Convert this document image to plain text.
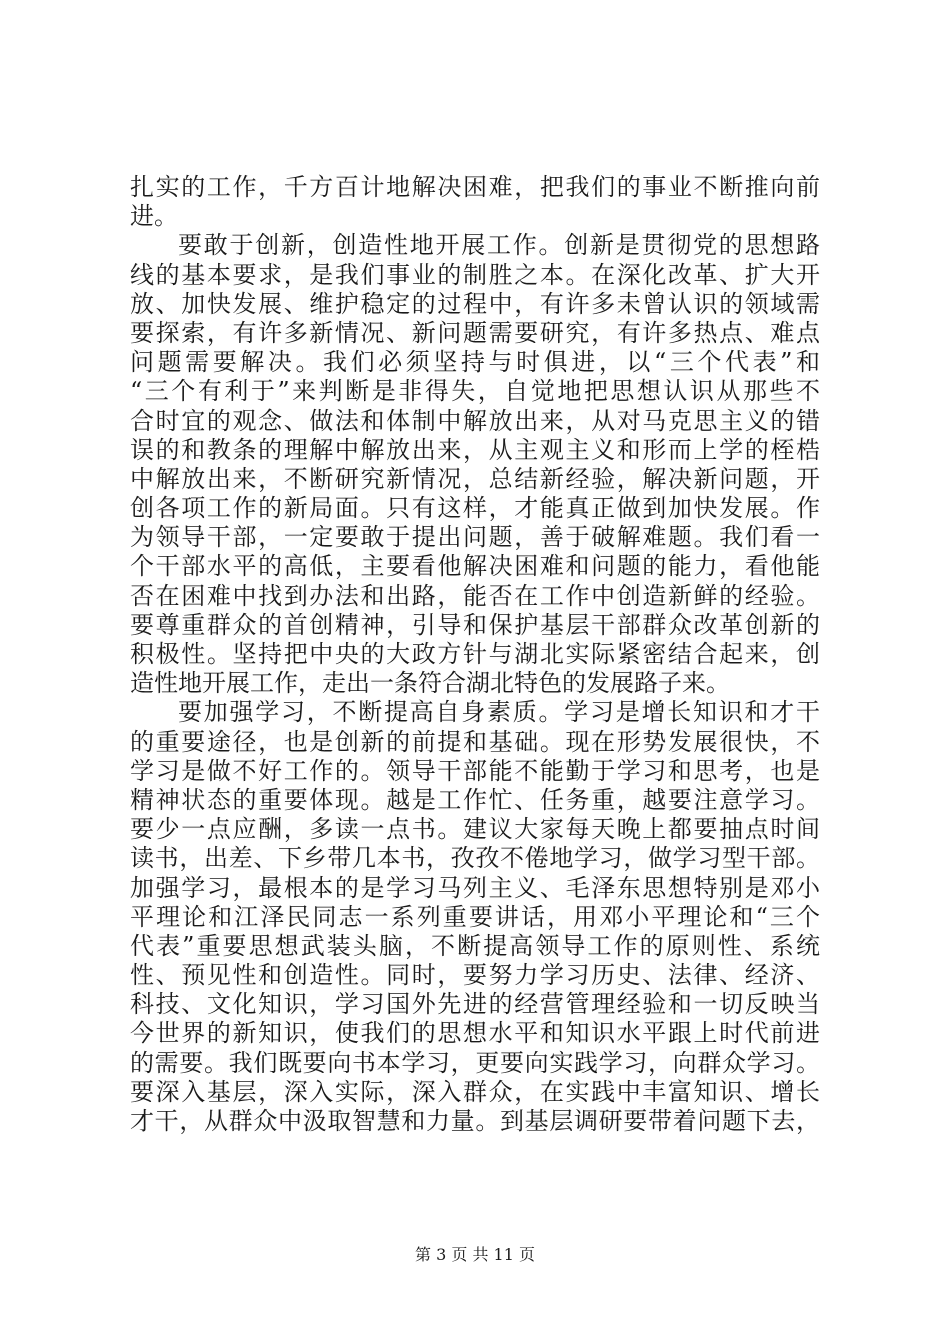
扎实的工作，千方百计地解决困难，把我们的事业不断推向前
进。
要敢于创新，创造性地开展工作。创新是贯彻党的思想路
线的基本要求，是我们事业的制胜之本。在深化改革、扩大开
放、加快发展、维护稳定的过程中，有许多未曾认识的领域需
要探索，有许多新情况、新问题需要研究，有许多热点、难点
问题需要解决。我们必须坚持与时俱进，以“三个代表”和
“三个有利于”来判断是非得失，自觉地把思想认识从那些不
合时宜的观念、做法和体制中解放出来，从对马克思主义的错
误的和教条的理解中解放出来，从主观主义和形而上学的桎梏
中解放出来，不断研究新情况，总结新经验，解决新问题，开
创各项工作的新局面。只有这样，才能真正做到加快发展。作
为领导干部，一定要敢于提出问题，善于破解难题。我们看一
个干部水平的高低，主要看他解决困难和问题的能力，看他能
否在困难中找到办法和出路，能否在工作中创造新鲜的经验。
要尊重群众的首创精神，引导和保护基层干部群众改革创新的
积极性。坚持把中央的大政方针与湖北实际紧密结合起来，创
造性地开展工作，走出一条符合湖北特色的发展路子来。
要加强学习，不断提高自身素质。学习是增长知识和才干
的重要途径，也是创新的前提和基础。现在形势发展很快，不
学习是做不好工作的。领导干部能不能勤于学习和思考，也是
精神状态的重要体现。越是工作忙、任务重，越要注意学习。
要少一点应酬，多读一点书。建议大家每天晚上都要抽点时间
读书，出差、下乡带几本书，孜孜不倦地学习，做学习型干部。
加强学习，最根本的是学习马列主义、毛泽东思想特别是邓小
平理论和江泽民同志一系列重要讲话，用邓小平理论和“三个
代表”重要思想武装头脑，不断提高领导工作的原则性、系统
性、预见性和创造性。同时，要努力学习历史、法律、经济、
科技、文化知识，学习国外先进的经营管理经验和一切反映当
今世界的新知识，使我们的思想水平和知识水平跟上时代前进
的需要。我们既要向书本学习，更要向实践学习，向群众学习。
要深入基层，深入实际，深入群众，在实践中丰富知识、增长
才干，从群众中汲取智慧和力量。到基层调研要带着问题下去，
第 3 页 共 11 页
